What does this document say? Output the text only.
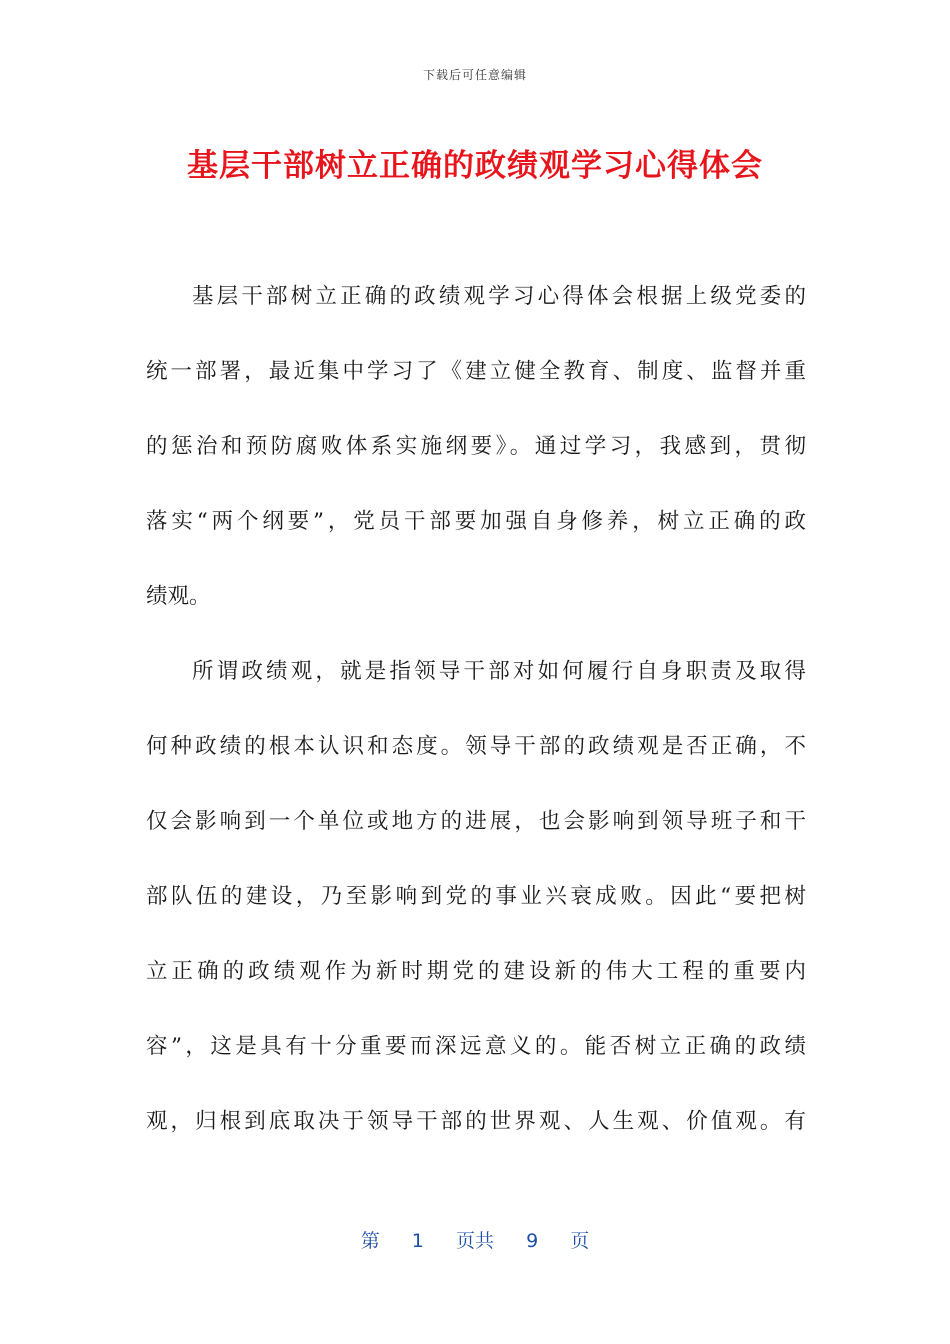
下载后可任意编辑
基层干部树立正确的政绩观学习心得体会
基层干部树立正确的政绩观学习心得体会根据上级党委的
统一部署，最近集中学习了《建立健全教育、制度、监督并重
的惩治和预防腐败体系实施纲要》。通过学习，我感到，贯彻
落实“两个纲要”，党员干部要加强自身修养，树立正确的政
绩观。
所谓政绩观，就是指领导干部对如何履行自身职责及取得
何种政绩的根本认识和态度。领导干部的政绩观是否正确，不
仅会影响到一个单位或地方的进展，也会影响到领导班子和干
部队伍的建设，乃至影响到党的事业兴衰成败。因此“要把树
立正确的政绩观作为新时期党的建设新的伟大工程的重要内
容”，这是具有十分重要而深远意义的。能否树立正确的政绩
观，归根到底取决于领导干部的世界观、人生观、价值观。有
第 1 页共 9 页
